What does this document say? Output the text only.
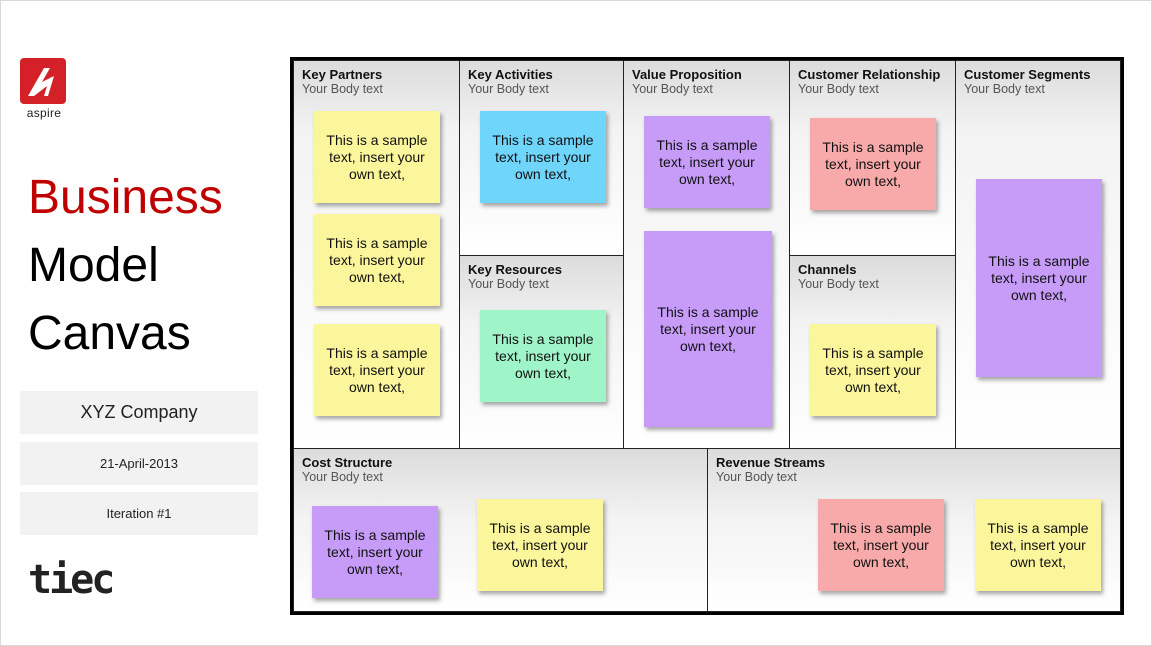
aspire
Business
Model
Canvas
XYZ Company
21-April-2013
Iteration #1
tiec
Key Partners
Your Body text
This is a sample text, insert your own text,
This is a sample text, insert your own text,
This is a sample text, insert your own text,
Key Activities
Your Body text
This is a sample text, insert your own text,
Key Resources
Your Body text
This is a sample text, insert your own text,
Value Proposition
Your Body text
This is a sample text, insert your own text,
This is a sample text, insert your own text,
Customer Relationship
Your Body text
This is a sample text, insert your own text,
Channels
Your Body text
This is a sample text, insert your own text,
Customer Segments
Your Body text
This is a sample text, insert your own text,
Cost Structure
Your Body text
This is a sample text, insert your own text,
This is a sample text, insert your own text,
Revenue Streams
Your Body text
This is a sample text, insert your own text,
This is a sample text, insert your own text,
